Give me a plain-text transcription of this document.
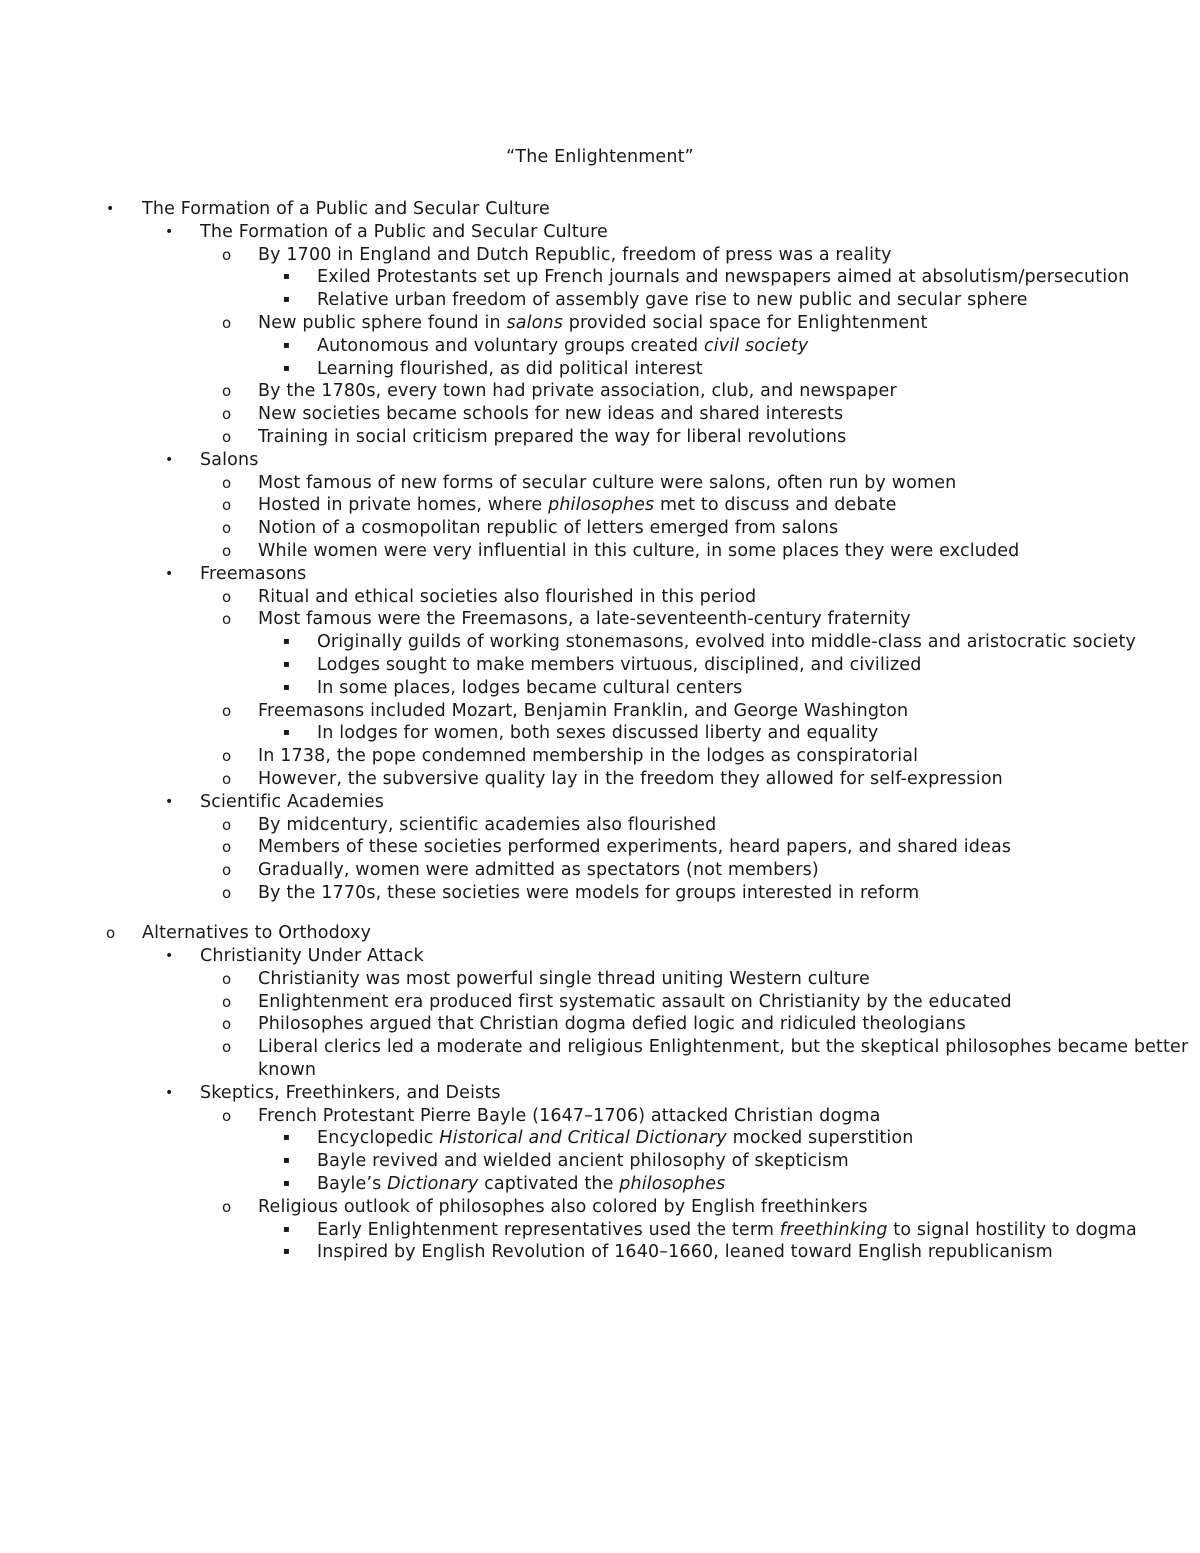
“The Enlightenment”
• The Formation of a Public and Secular Culture
• The Formation of a Public and Secular Culture
o By 1700 in England and Dutch Republic, freedom of press was a reality
▪ Exiled Protestants set up French journals and newspapers aimed at absolutism/persecution
▪ Relative urban freedom of assembly gave rise to new public and secular sphere
o New public sphere found in salons provided social space for Enlightenment
▪ Autonomous and voluntary groups created civil society
▪ Learning flourished, as did political interest
o By the 1780s, every town had private association, club, and newspaper
o New societies became schools for new ideas and shared interests
o Training in social criticism prepared the way for liberal revolutions
• Salons
o Most famous of new forms of secular culture were salons, often run by women
o Hosted in private homes, where philosophes met to discuss and debate
o Notion of a cosmopolitan republic of letters emerged from salons
o While women were very influential in this culture, in some places they were excluded
• Freemasons
o Ritual and ethical societies also flourished in this period
o Most famous were the Freemasons, a late-seventeenth-century fraternity
▪ Originally guilds of working stonemasons, evolved into middle-class and aristocratic society
▪ Lodges sought to make members virtuous, disciplined, and civilized
▪ In some places, lodges became cultural centers
o Freemasons included Mozart, Benjamin Franklin, and George Washington
▪ In lodges for women, both sexes discussed liberty and equality
o In 1738, the pope condemned membership in the lodges as conspiratorial
o However, the subversive quality lay in the freedom they allowed for self-expression
• Scientific Academies
o By midcentury, scientific academies also flourished
o Members of these societies performed experiments, heard papers, and shared ideas
o Gradually, women were admitted as spectators (not members)
o By the 1770s, these societies were models for groups interested in reform
o Alternatives to Orthodoxy
• Christianity Under Attack
o Christianity was most powerful single thread uniting Western culture
o Enlightenment era produced first systematic assault on Christianity by the educated
o Philosophes argued that Christian dogma defied logic and ridiculed theologians
o Liberal clerics led a moderate and religious Enlightenment, but the skeptical philosophes became better known
• Skeptics, Freethinkers, and Deists
o French Protestant Pierre Bayle (1647–1706) attacked Christian dogma
▪ Encyclopedic Historical and Critical Dictionary mocked superstition
▪ Bayle revived and wielded ancient philosophy of skepticism
▪ Bayle’s Dictionary captivated the philosophes
o Religious outlook of philosophes also colored by English freethinkers
▪ Early Enlightenment representatives used the term freethinking to signal hostility to dogma
▪ Inspired by English Revolution of 1640–1660, leaned toward English republicanism
